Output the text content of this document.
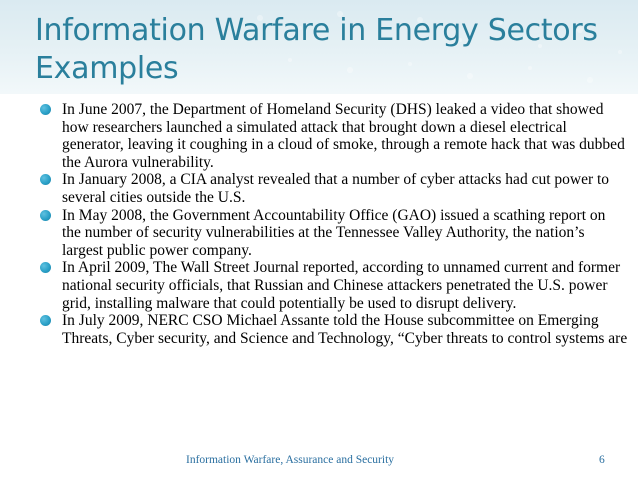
Information Warfare in Energy Sectors
Examples
In June 2007, the Department of Homeland Security (DHS) leaked a video that showed how researchers launched a simulated attack that brought down a diesel electrical generator, leaving it coughing in a cloud of smoke, through a remote hack that was dubbed the Aurora vulnerability.
In January 2008, a CIA analyst revealed that a number of cyber attacks had cut power to several cities outside the U.S.
In May 2008, the Government Accountability Office (GAO) issued a scathing report on the number of security vulnerabilities at the Tennessee Valley Authority, the nation’s largest public power company.
In April 2009, The Wall Street Journal reported, according to unnamed current and former national security officials, that Russian and Chinese attackers penetrated the U.S. power grid, installing malware that could potentially be used to disrupt delivery.
In July 2009, NERC CSO Michael Assante told the House subcommittee on Emerging Threats, Cyber security, and Science and Technology, “Cyber threats to control systems are
Information Warfare, Assurance and Security	6
